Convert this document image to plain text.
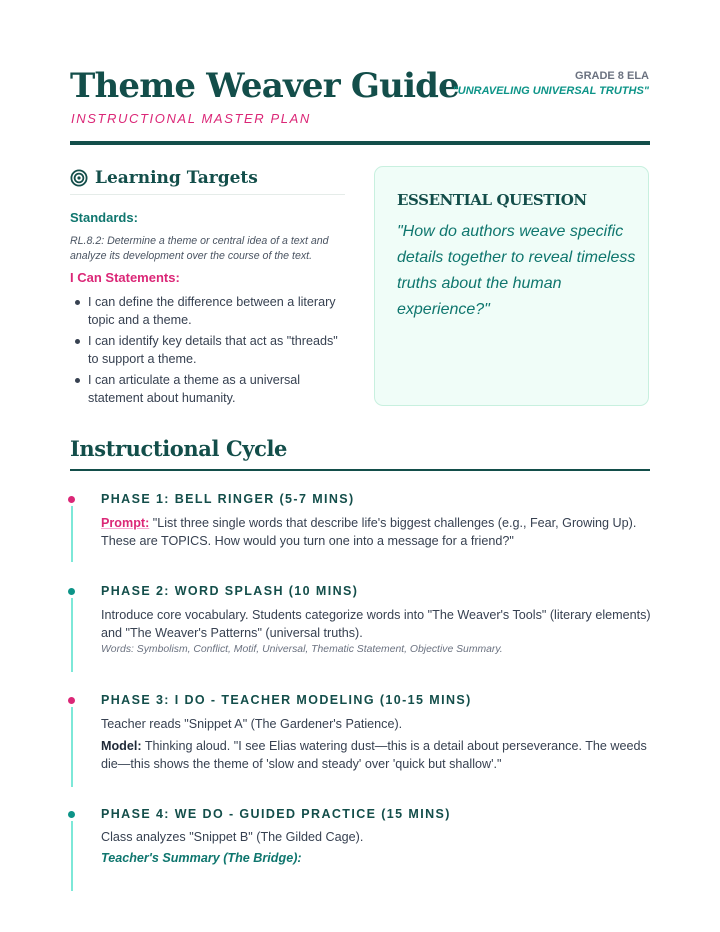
Theme Weaver Guide
INSTRUCTIONAL MASTER PLAN
GRADE 8 ELA
"UNRAVELING UNIVERSAL TRUTHS"
Learning Targets
Standards:
RL.8.2: Determine a theme or central idea of a text and analyze its development over the course of the text.
I Can Statements:
I can define the difference between a literary topic and a theme.
I can identify key details that act as "threads" to support a theme.
I can articulate a theme as a universal statement about humanity.
ESSENTIAL QUESTION
"How do authors weave specific details together to reveal timeless truths about the human experience?"
Instructional Cycle
PHASE 1: BELL RINGER (5-7 MINS)
Prompt: "List three single words that describe life's biggest challenges (e.g., Fear, Growing Up). These are TOPICS. How would you turn one into a message for a friend?"
PHASE 2: WORD SPLASH (10 MINS)
Introduce core vocabulary. Students categorize words into "The Weaver's Tools" (literary elements) and "The Weaver's Patterns" (universal truths).
Words: Symbolism, Conflict, Motif, Universal, Thematic Statement, Objective Summary.
PHASE 3: I DO - TEACHER MODELING (10-15 MINS)
Teacher reads "Snippet A" (The Gardener's Patience).
Model: Thinking aloud. "I see Elias watering dust—this is a detail about perseverance. The weeds die—this shows the theme of 'slow and steady' over 'quick but shallow'."
PHASE 4: WE DO - GUIDED PRACTICE (15 MINS)
Class analyzes "Snippet B" (The Gilded Cage).
Teacher's Summary (The Bridge):
